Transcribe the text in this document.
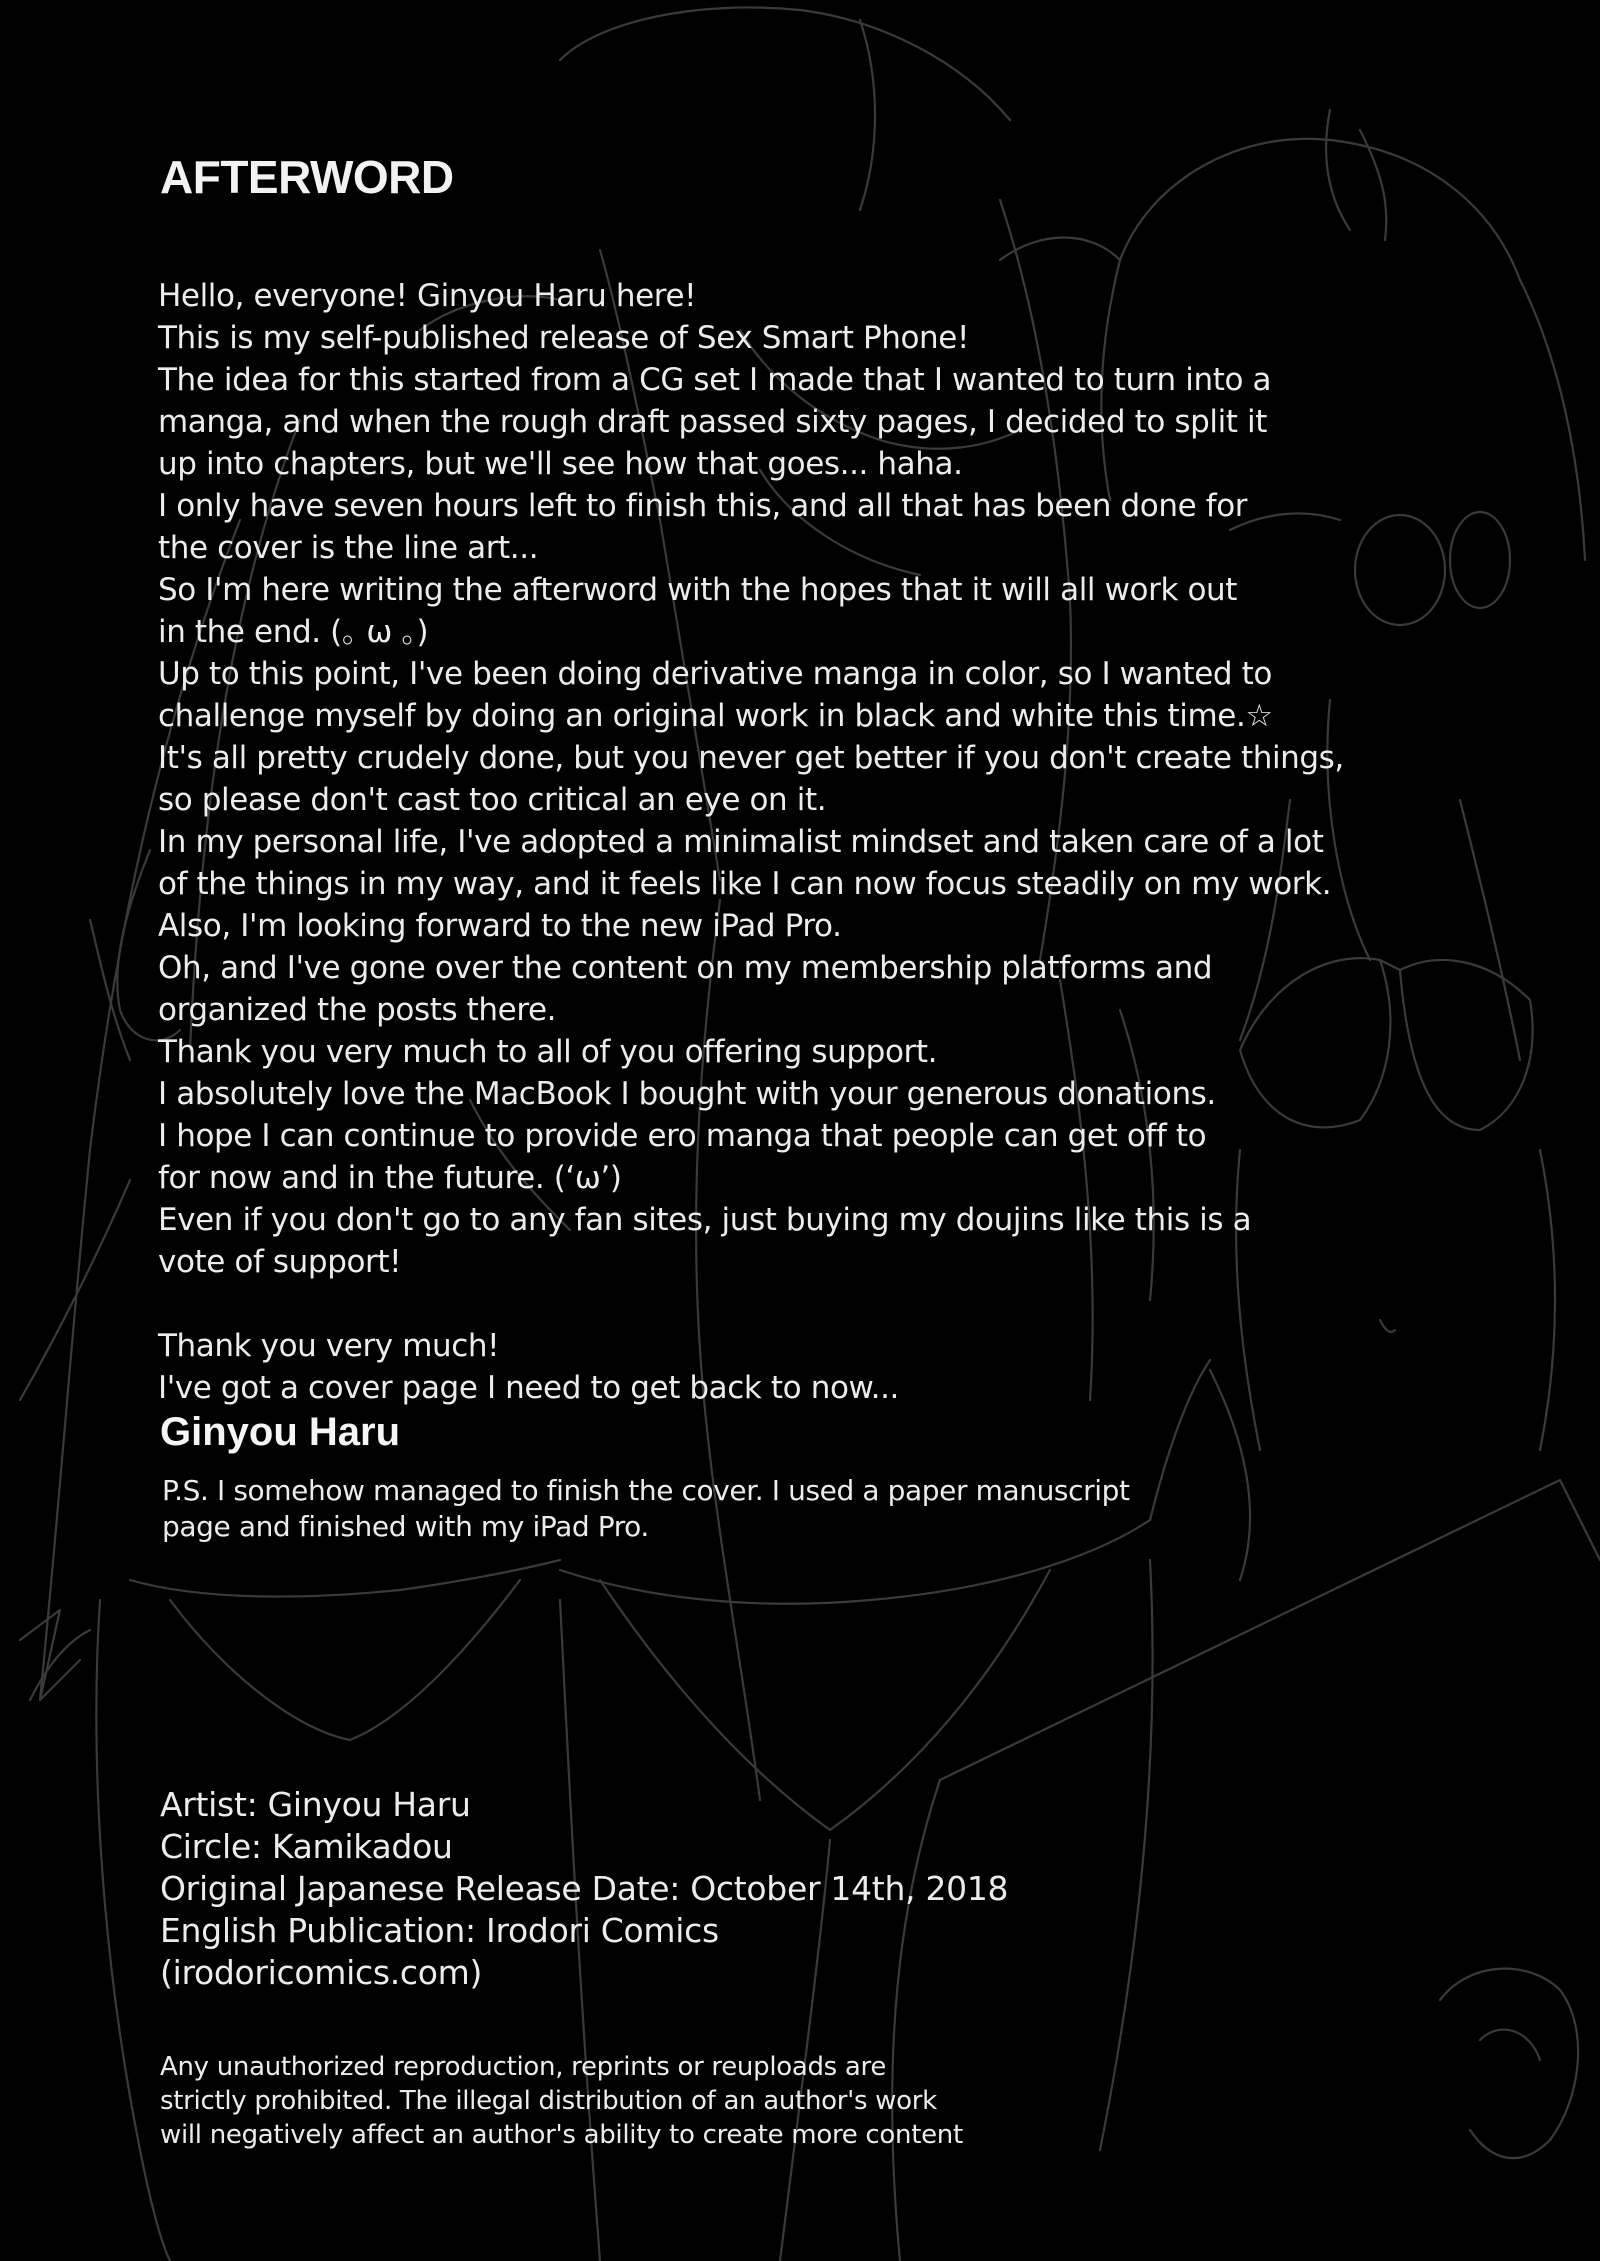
AFTERWORD
Hello, everyone! Ginyou Haru here!
This is my self-published release of Sex Smart Phone!
The idea for this started from a CG set I made that I wanted to turn into a
manga, and when the rough draft passed sixty pages, I decided to split it
up into chapters, but we'll see how that goes... haha.
I only have seven hours left to finish this, and all that has been done for
the cover is the line art...
So I'm here writing the afterword with the hopes that it will all work out
in the end. (｡ ω ｡)
Up to this point, I've been doing derivative manga in color, so I wanted to
challenge myself by doing an original work in black and white this time.☆
It's all pretty crudely done, but you never get better if you don't create things,
so please don't cast too critical an eye on it.
In my personal life, I've adopted a minimalist mindset and taken care of a lot
of the things in my way, and it feels like I can now focus steadily on my work.
Also, I'm looking forward to the new iPad Pro.
Oh, and I've gone over the content on my membership platforms and
organized the posts there.
Thank you very much to all of you offering support.
I absolutely love the MacBook I bought with your generous donations.
I hope I can continue to provide ero manga that people can get off to
for now and in the future. (‘ω’)
Even if you don't go to any fan sites, just buying my doujins like this is a
vote of support!
Thank you very much!
I've got a cover page I need to get back to now...
Ginyou Haru
P.S. I somehow managed to finish the cover. I used a paper manuscript
page and finished with my iPad Pro.
Artist: Ginyou Haru
Circle: Kamikadou
Original Japanese Release Date: October 14th, 2018
English Publication: Irodori Comics
(irodoricomics.com)
Any unauthorized reproduction, reprints or reuploads are
strictly prohibited. The illegal distribution of an author's work
will negatively affect an author's ability to create more content
